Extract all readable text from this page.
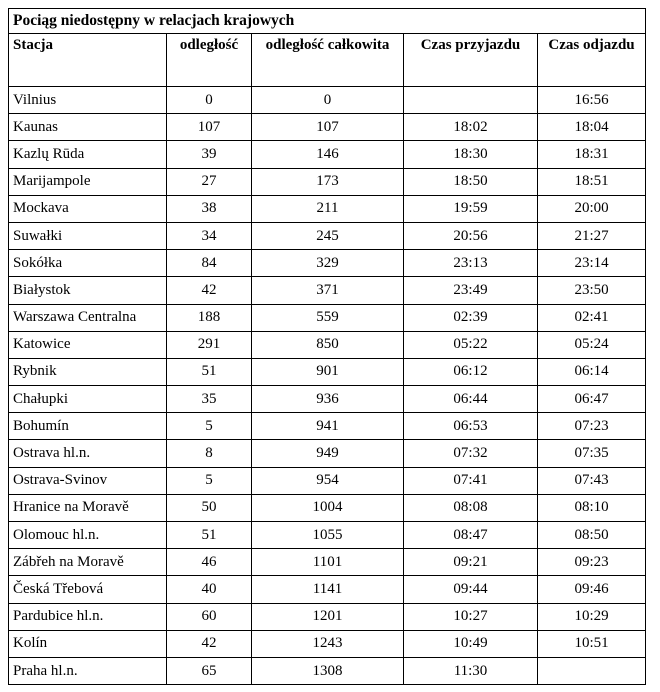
Pociąg niedostępny w relacjach krajowych				
Stacja	odległość	odległość całkowita	Czas przyjazdu	Czas odjazdu
Vilnius	0	0		16:56
Kaunas	107	107	18:02	18:04
Kazlų Rūda	39	146	18:30	18:31
Marijampole	27	173	18:50	18:51
Mockava	38	211	19:59	20:00
Suwałki	34	245	20:56	21:27
Sokółka	84	329	23:13	23:14
Białystok	42	371	23:49	23:50
Warszawa Centralna	188	559	02:39	02:41
Katowice	291	850	05:22	05:24
Rybnik	51	901	06:12	06:14
Chałupki	35	936	06:44	06:47
Bohumín	5	941	06:53	07:23
Ostrava hl.n.	8	949	07:32	07:35
Ostrava-Svinov	5	954	07:41	07:43
Hranice na Moravě	50	1004	08:08	08:10
Olomouc hl.n.	51	1055	08:47	08:50
Zábřeh na Moravě	46	1101	09:21	09:23
Česká Třebová	40	1141	09:44	09:46
Pardubice hl.n.	60	1201	10:27	10:29
Kolín	42	1243	10:49	10:51
Praha hl.n.	65	1308	11:30	
